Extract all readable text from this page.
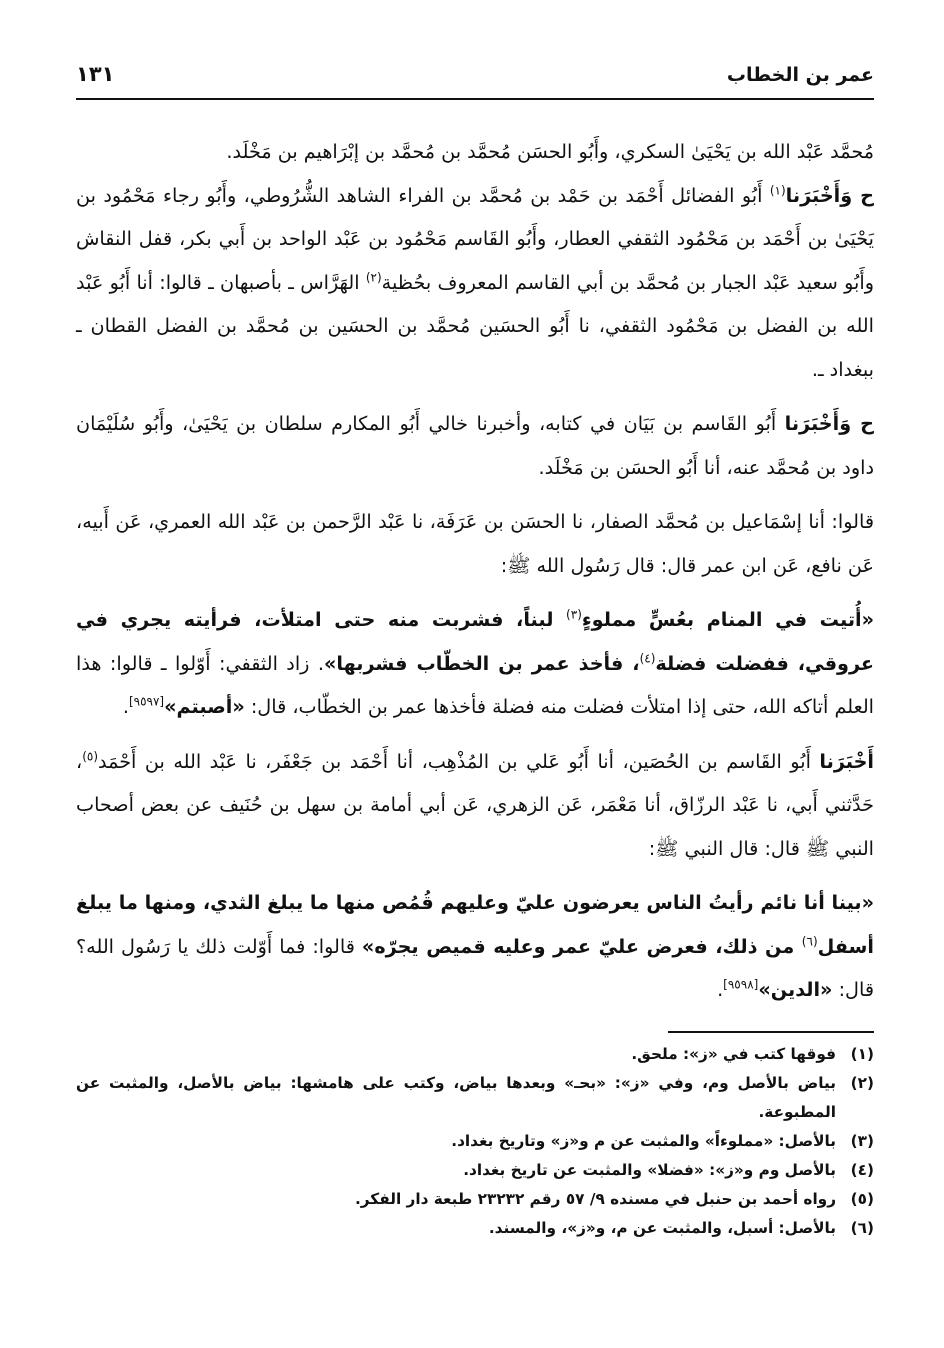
عمر بن الخطاب
١٣١

مُحمَّد عَبْد الله بن يَحْيَىٰ السكري، وأَبُو الحسَن مُحمَّد بن مُحمَّد بن إبْرَاهيم بن مَخْلَد.

ح وَأَخْبَرَنا$^{(١)}$ أَبُو الفضائل أَحْمَد بن حَمْد بن مُحمَّد بن الفراء الشاهد الشُّرُوطي، وأَبُو رجاء مَحْمُود بن يَحْيَىٰ بن أَحْمَد بن مَحْمُود الثقفي العطار، وأَبُو القَاسم مَحْمُود بن عَبْد الواحد بن أَبي بكر، قفل النقاش وأَبُو سعيد عَبْد الجبار بن مُحمَّد بن أبي القاسم المعروف بحُظية$^{(٢)}$ الهَرَّاس ـ بأصبهان ـ قالوا: أنا أَبُو عَبْد الله بن الفضل بن مَحْمُود الثقفي، نا أَبُو الحسَين مُحمَّد بن الحسَين بن مُحمَّد بن الفضل القطان ـ ببغداد ـ.

ح وَأَخْبَرَنا أَبُو القَاسم بن بَيَان في كتابه، وأخبرنا خالي أَبُو المكارم سلطان بن يَحْيَىٰ، وأَبُو سُلَيْمَان داود بن مُحمَّد عنه، أنا أَبُو الحسَن بن مَخْلَد.

قالوا: أنا إسْمَاعيل بن مُحمَّد الصفار، نا الحسَن بن عَرَفَة، نا عَبْد الرَّحمن بن عَبْد الله العمري، عَن أَبيه، عَن نافع، عَن ابن عمر قال: قال رَسُول الله ﷺ:

«أُتيت في المنام بعُسٍّ مملوءٍ$^{(٣)}$ لبناً، فشربت منه حتى امتلأت، فرأيته يجري في عروقي، ففضلت فضلة$^{(٤)}$، فأخذ عمر بن الخطّاب فشربها». زاد الثقفي: أَوّلوا ـ قالوا: هذا العلم أتاكه الله، حتى إذا امتلأت فضلت منه فضلة فأخذها عمر بن الخطّاب، قال: «أصبتم»[٩٥٩٧].

أَخْبَرَنا أَبُو القَاسم بن الحُصَين، أنا أَبُو عَلي بن المُذْهِب، أنا أَحْمَد بن جَعْفَر، نا عَبْد الله بن أَحْمَد$^{(٥)}$، حَدَّثني أَبي، نا عَبْد الرزّاق، أنا مَعْمَر، عَن الزهري، عَن أبي أمامة بن سهل بن حُنَيف عن بعض أصحاب النبي ﷺ قال: قال النبي ﷺ:

«بينا أنا نائم رأيتُ الناس يعرضون عليّ وعليهم قُمُص منها ما يبلغ الثدي، ومنها ما يبلغ أسفل$^{(٦)}$ من ذلك، فعرض عليّ عمر وعليه قميص يجرّه» قالوا: فما أَوّلت ذلك يا رَسُول الله؟ قال: «الدين»[٩٥٩٨].

(١)
فوقها كتب في «ز»: ملحق.
(٢)
بياض بالأصل وم، وفي «ز»: «بحـ» وبعدها بياض، وكتب على هامشها: بياض بالأصل، والمثبت عن المطبوعة.
(٣)
بالأصل: «مملوءاً» والمثبت عن م و«ز» وتاريخ بغداد.
(٤)
بالأصل وم و«ز»: «فضلا» والمثبت عن تاريخ بغداد.
(٥)
رواه أحمد بن حنبل في مسنده ٩/ ٥٧ رقم ٢٣٢٣٢ طبعة دار الفكر.
(٦)
بالأصل: أسبل، والمثبت عن م، و«ز»، والمسند.
